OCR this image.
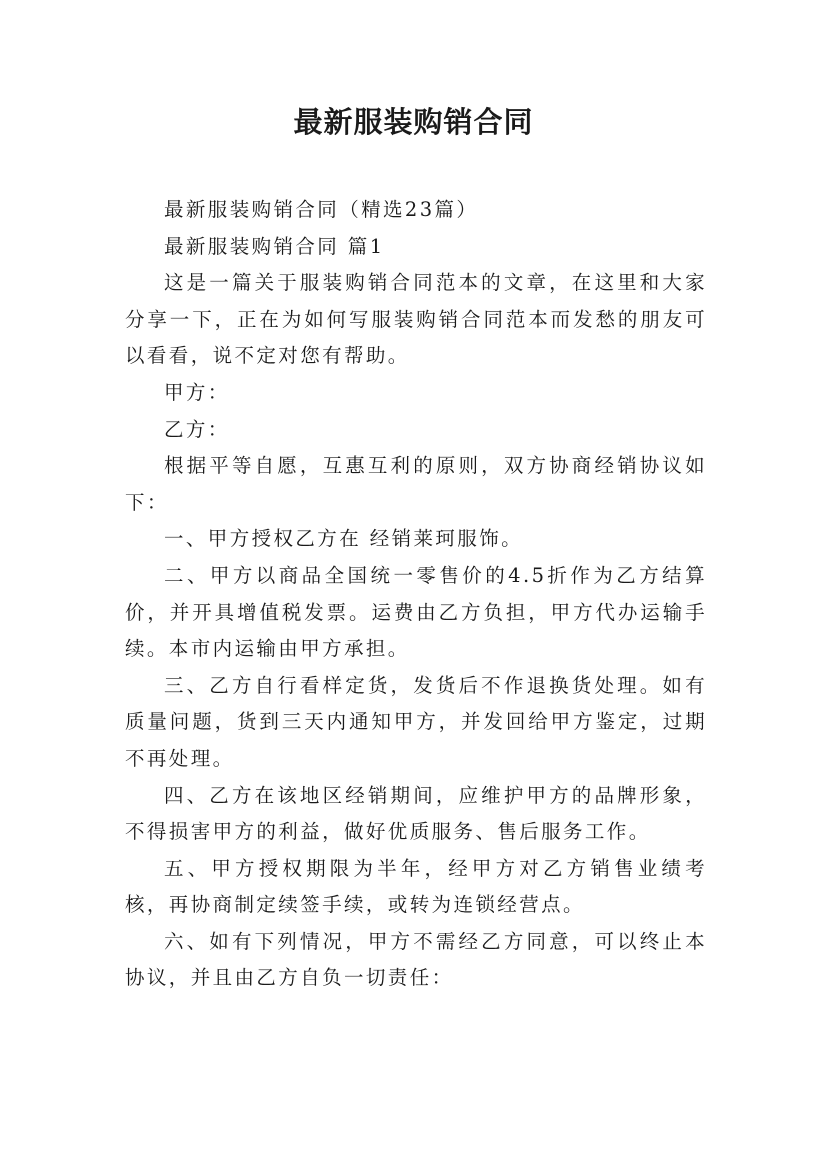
最新服装购销合同

最新服装购销合同（精选23篇）

最新服装购销合同 篇1

这是一篇关于服装购销合同范本的文章，在这里和大家分享一下，正在为如何写服装购销合同范本而发愁的朋友可以看看，说不定对您有帮助。

甲方：

乙方：

根据平等自愿，互惠互利的原则，双方协商经销协议如下：

一、甲方授权乙方在 经销莱珂服饰。

二、甲方以商品全国统一零售价的4.5折作为乙方结算价，并开具增值税发票。运费由乙方负担，甲方代办运输手续。本市内运输由甲方承担。

三、乙方自行看样定货，发货后不作退换货处理。如有质量问题，货到三天内通知甲方，并发回给甲方鉴定，过期不再处理。

四、乙方在该地区经销期间，应维护甲方的品牌形象，不得损害甲方的利益，做好优质服务、售后服务工作。

五、甲方授权期限为半年，经甲方对乙方销售业绩考核，再协商制定续签手续，或转为连锁经营点。

六、如有下列情况，甲方不需经乙方同意，可以终止本协议，并且由乙方自负一切责任：
